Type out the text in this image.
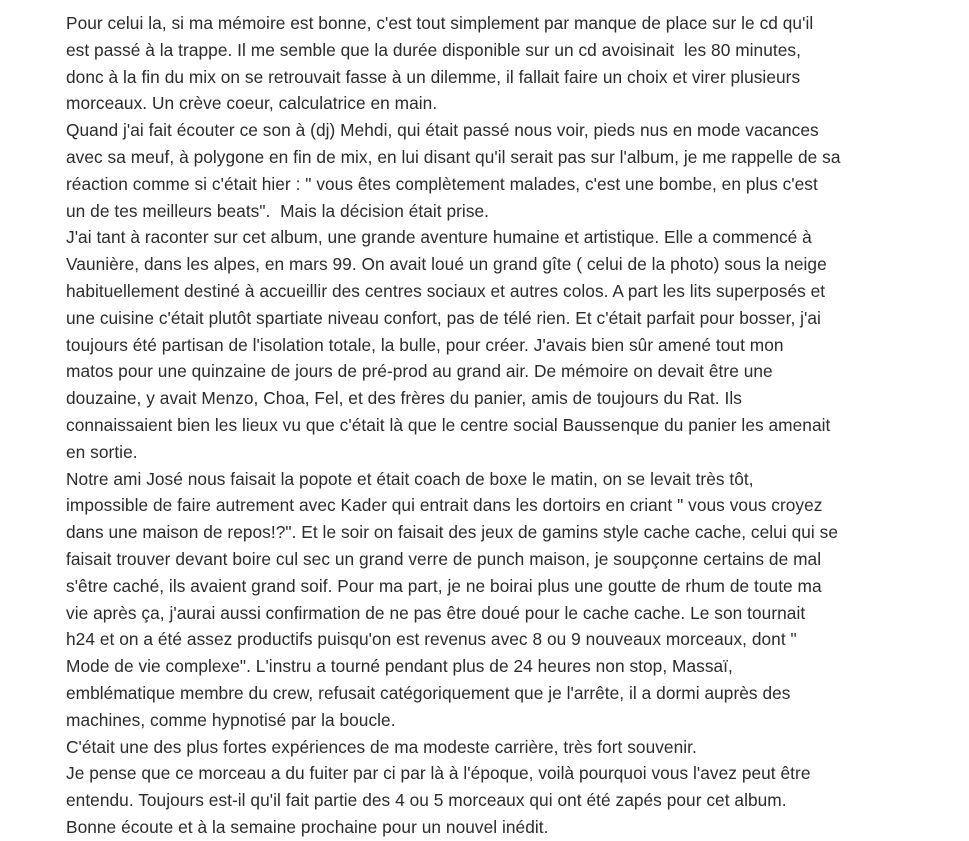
Pour celui la, si ma mémoire est bonne, c'est tout simplement par manque de place sur le cd qu'il
est passé à la trappe. Il me semble que la durée disponible sur un cd avoisinait  les 80 minutes,
donc à la fin du mix on se retrouvait fasse à un dilemme, il fallait faire un choix et virer plusieurs
morceaux. Un crève coeur, calculatrice en main.
Quand j'ai fait écouter ce son à (dj) Mehdi, qui était passé nous voir, pieds nus en mode vacances
avec sa meuf, à polygone en fin de mix, en lui disant qu'il serait pas sur l'album, je me rappelle de sa
réaction comme si c'était hier : " vous êtes complètement malades, c'est une bombe, en plus c'est
un de tes meilleurs beats".  Mais la décision était prise.
J'ai tant à raconter sur cet album, une grande aventure humaine et artistique. Elle a commencé à
Vaunière, dans les alpes, en mars 99. On avait loué un grand gîte ( celui de la photo) sous la neige
habituellement destiné à accueillir des centres sociaux et autres colos. A part les lits superposés et
une cuisine c'était plutôt spartiate niveau confort, pas de télé rien. Et c'était parfait pour bosser, j'ai
toujours été partisan de l'isolation totale, la bulle, pour créer. J'avais bien sûr amené tout mon
matos pour une quinzaine de jours de pré-prod au grand air. De mémoire on devait être une
douzaine, y avait Menzo, Choa, Fel, et des frères du panier, amis de toujours du Rat. Ils
connaissaient bien les lieux vu que c'était là que le centre social Baussenque du panier les amenait
en sortie.
Notre ami José nous faisait la popote et était coach de boxe le matin, on se levait très tôt,
impossible de faire autrement avec Kader qui entrait dans les dortoirs en criant " vous vous croyez
dans une maison de repos!?". Et le soir on faisait des jeux de gamins style cache cache, celui qui se
faisait trouver devant boire cul sec un grand verre de punch maison, je soupçonne certains de mal
s'être caché, ils avaient grand soif. Pour ma part, je ne boirai plus une goutte de rhum de toute ma
vie après ça, j'aurai aussi confirmation de ne pas être doué pour le cache cache. Le son tournait
h24 et on a été assez productifs puisqu'on est revenus avec 8 ou 9 nouveaux morceaux, dont "
Mode de vie complexe". L'instru a tourné pendant plus de 24 heures non stop, Massaï,
emblématique membre du crew, refusait catégoriquement que je l'arrête, il a dormi auprès des
machines, comme hypnotisé par la boucle.
C'était une des plus fortes expériences de ma modeste carrière, très fort souvenir.
Je pense que ce morceau a du fuiter par ci par là à l'époque, voilà pourquoi vous l'avez peut être
entendu. Toujours est-il qu'il fait partie des 4 ou 5 morceaux qui ont été zapés pour cet album.
Bonne écoute et à la semaine prochaine pour un nouvel inédit.
